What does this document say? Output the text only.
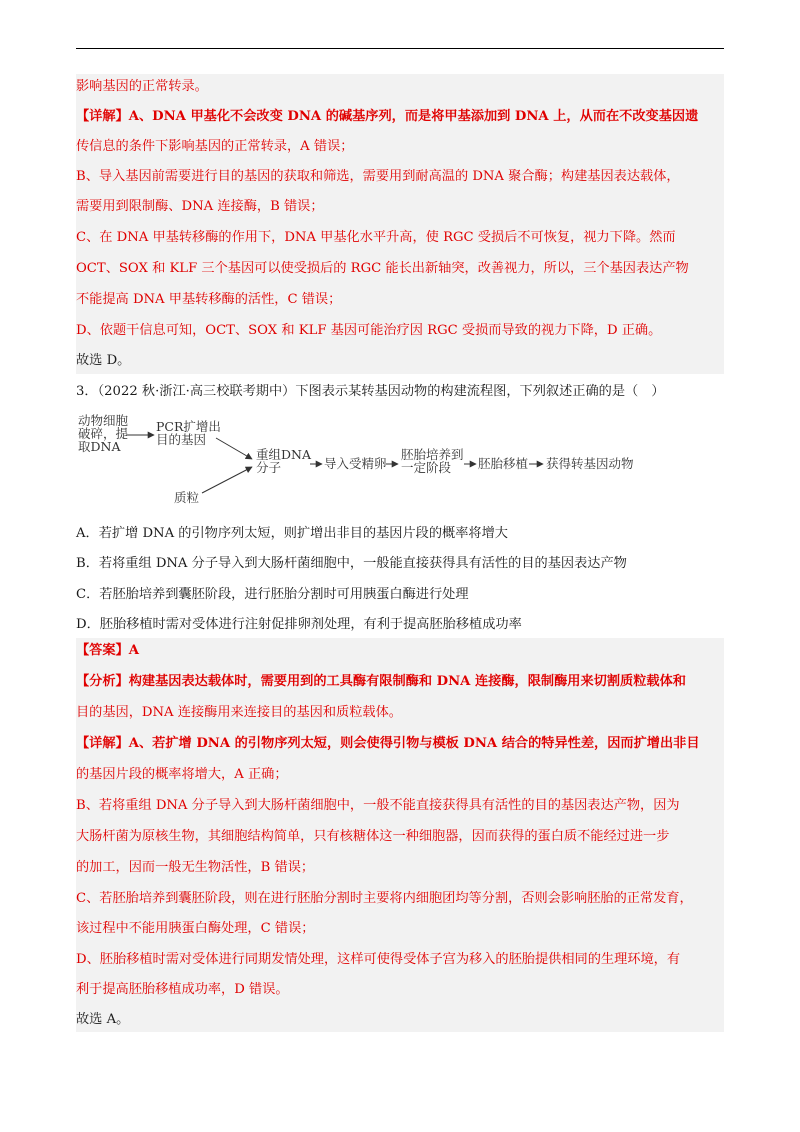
影响基因的正常转录。
【详解】A、DNA 甲基化不会改变 DNA 的碱基序列，而是将甲基添加到 DNA 上，从而在不改变基因遗
传信息的条件下影响基因的正常转录，A 错误；
B、导入基因前需要进行目的基因的获取和筛选，需要用到耐高温的 DNA 聚合酶；构建基因表达载体，
需要用到限制酶、DNA 连接酶，B 错误；
C、在 DNA 甲基转移酶的作用下，DNA 甲基化水平升高，使 RGC 受损后不可恢复，视力下降。然而
OCT、SOX 和 KLF 三个基因可以使受损后的 RGC 能长出新轴突，改善视力，所以，三个基因表达产物
不能提高 DNA 甲基转移酶的活性，C 错误；
D、依题干信息可知，OCT、SOX 和 KLF 基因可能治疗因 RGC 受损而导致的视力下降，D 正确。
故选 D。
3．（2022 秋·浙江·高三校联考期中）下图表示某转基因动物的构建流程图，下列叙述正确的是（　）
动物细胞
破碎，提
取DNA
PCR扩增出
目的基因
质粒
重组DNA
分子	导入受精卵
胚胎培养到
一定阶段 胚胎移植 获得转基因动物
A．若扩增 DNA 的引物序列太短，则扩增出非目的基因片段的概率将增大
B．若将重组 DNA 分子导入到大肠杆菌细胞中，一般能直接获得具有活性的目的基因表达产物
C．若胚胎培养到囊胚阶段，进行胚胎分割时可用胰蛋白酶进行处理
D．胚胎移植时需对受体进行注射促排卵剂处理，有利于提高胚胎移植成功率
【答案】A
【分析】构建基因表达载体时，需要用到的工具酶有限制酶和 DNA 连接酶，限制酶用来切割质粒载体和
目的基因，DNA 连接酶用来连接目的基因和质粒载体。
【详解】A、若扩增 DNA 的引物序列太短，则会使得引物与模板 DNA 结合的特异性差，因而扩增出非目
的基因片段的概率将增大，A 正确；
B、若将重组 DNA 分子导入到大肠杆菌细胞中，一般不能直接获得具有活性的目的基因表达产物，因为
大肠杆菌为原核生物，其细胞结构简单，只有核糖体这一种细胞器，因而获得的蛋白质不能经过进一步
的加工，因而一般无生物活性，B 错误；
C、若胚胎培养到囊胚阶段，则在进行胚胎分割时主要将内细胞团均等分割，否则会影响胚胎的正常发育，
该过程中不能用胰蛋白酶处理，C 错误；
D、胚胎移植时需对受体进行同期发情处理，这样可使得受体子宫为移入的胚胎提供相同的生理环境，有
利于提高胚胎移植成功率，D 错误。
故选 A。
